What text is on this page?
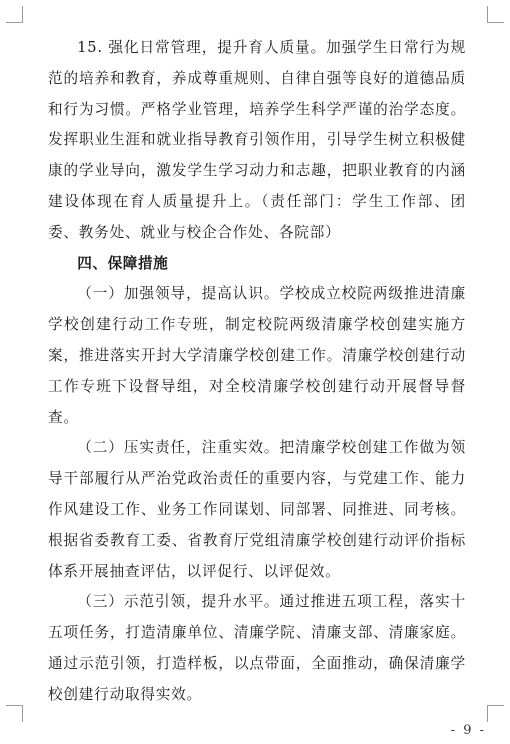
15. 强化日常管理，提升育人质量。加强学生日常行为规范的培养和教育，养成尊重规则、自律自强等良好的道德品质和行为习惯。严格学业管理，培养学生科学严谨的治学态度。发挥职业生涯和就业指导教育引领作用，引导学生树立积极健康的学业导向，激发学生学习动力和志趣，把职业教育的内涵建设体现在育人质量提升上。（责任部门：学生工作部、团委、教务处、就业与校企合作处、各院部）

四、保障措施

（一）加强领导，提高认识。学校成立校院两级推进清廉学校创建行动工作专班，制定校院两级清廉学校创建实施方案，推进落实开封大学清廉学校创建工作。清廉学校创建行动工作专班下设督导组，对全校清廉学校创建行动开展督导督查。

（二）压实责任，注重实效。把清廉学校创建工作做为领导干部履行从严治党政治责任的重要内容，与党建工作、能力作风建设工作、业务工作同谋划、同部署、同推进、同考核。根据省委教育工委、省教育厅党组清廉学校创建行动评价指标体系开展抽查评估，以评促行、以评促效。

（三）示范引领，提升水平。通过推进五项工程，落实十五项任务，打造清廉单位、清廉学院、清廉支部、清廉家庭。通过示范引领，打造样板，以点带面，全面推动，确保清廉学校创建行动取得实效。

- 9 -
